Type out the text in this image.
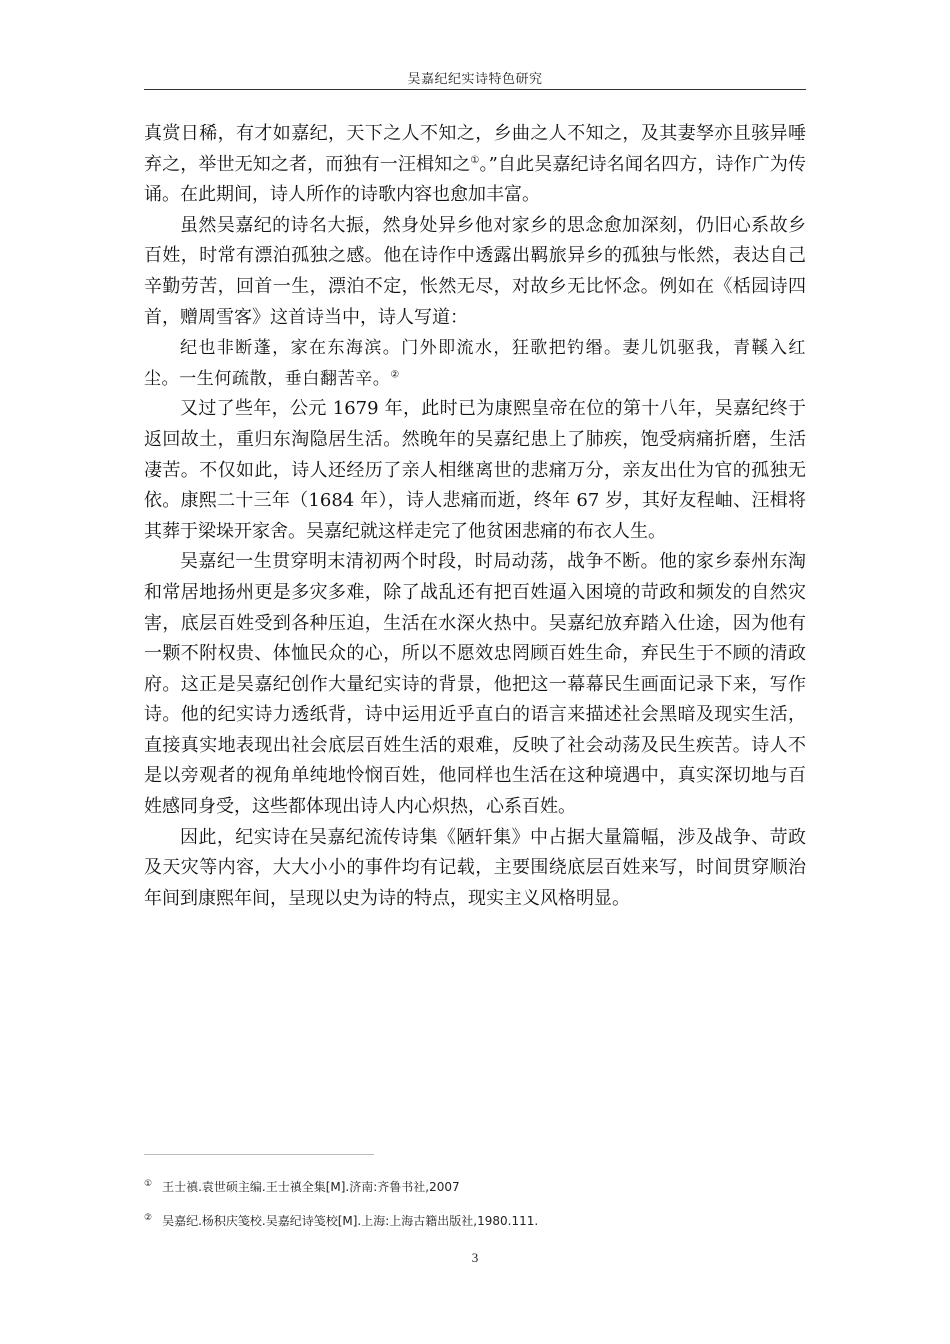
吴嘉纪纪实诗特色研究

真赏日稀，有才如嘉纪，天下之人不知之，乡曲之人不知之，及其妻孥亦且骇异唾弃之，举世无知之者，而独有一汪楫知之①。”自此吴嘉纪诗名闻名四方，诗作广为传诵。在此期间，诗人所作的诗歌内容也愈加丰富。

虽然吴嘉纪的诗名大振，然身处异乡他对家乡的思念愈加深刻，仍旧心系故乡百姓，时常有漂泊孤独之感。他在诗作中透露出羁旅异乡的孤独与怅然，表达自己辛勤劳苦，回首一生，漂泊不定，怅然无尽，对故乡无比怀念。例如在《栝园诗四首，赠周雪客》这首诗当中，诗人写道：

纪也非断蓬，家在东海滨。门外即流水，狂歌把钓缗。妻儿饥驱我，青鞵入红尘。一生何疏散，垂白翻苦辛。②

又过了些年，公元 1679 年，此时已为康熙皇帝在位的第十八年，吴嘉纪终于返回故土，重归东淘隐居生活。然晚年的吴嘉纪患上了肺疾，饱受病痛折磨，生活凄苦。不仅如此，诗人还经历了亲人相继离世的悲痛万分，亲友出仕为官的孤独无依。康熙二十三年（1684 年），诗人悲痛而逝，终年 67 岁，其好友程岫、汪楫将其葬于梁垛开家舍。吴嘉纪就这样走完了他贫困悲痛的布衣人生。

吴嘉纪一生贯穿明末清初两个时段，时局动荡，战争不断。他的家乡泰州东淘和常居地扬州更是多灾多难，除了战乱还有把百姓逼入困境的苛政和频发的自然灾害，底层百姓受到各种压迫，生活在水深火热中。吴嘉纪放弃踏入仕途，因为他有一颗不附权贵、体恤民众的心，所以不愿效忠罔顾百姓生命，弃民生于不顾的清政府。这正是吴嘉纪创作大量纪实诗的背景，他把这一幕幕民生画面记录下来，写作诗。他的纪实诗力透纸背，诗中运用近乎直白的语言来描述社会黑暗及现实生活，直接真实地表现出社会底层百姓生活的艰难，反映了社会动荡及民生疾苦。诗人不是以旁观者的视角单纯地怜悯百姓，他同样也生活在这种境遇中，真实深切地与百姓感同身受，这些都体现出诗人内心炽热，心系百姓。

因此，纪实诗在吴嘉纪流传诗集《陋轩集》中占据大量篇幅，涉及战争、苛政及天灾等内容，大大小小的事件均有记载，主要围绕底层百姓来写，时间贯穿顺治年间到康熙年间，呈现以史为诗的特点，现实主义风格明显。

① 王士禛.袁世硕主编.王士禛全集[M].济南:齐鲁书社,2007
② 吴嘉纪.杨积庆笺校.吴嘉纪诗笺校[M].上海:上海古籍出版社,1980.111.
3
